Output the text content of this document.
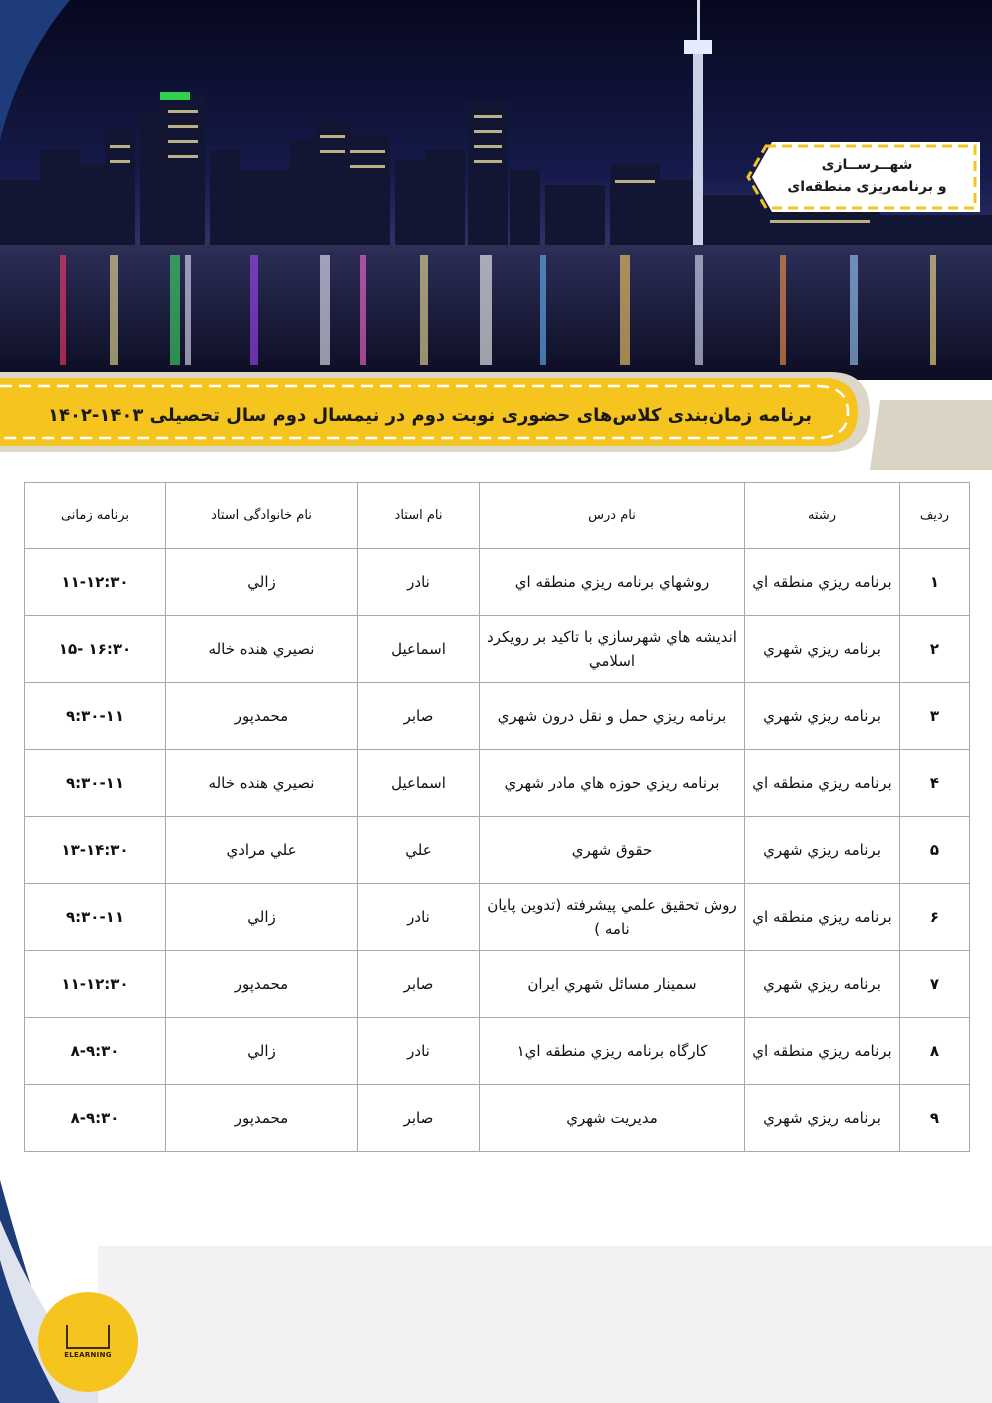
شهــرســازی
و برنامه‌ریزی منطقه‌ای
برنامه زمان‌بندی کلاس‌های حضوری نوبت دوم در نیمسال دوم سال تحصیلی ۱۴۰۳-۱۴۰۲
ردیف	رشته	نام درس	نام استاد	نام خانوادگی استاد	برنامه زمانی
۱	برنامه ريزي منطقه اي	روشهاي برنامه ريزي منطقه اي	نادر	زالي	۱۱-۱۲:۳۰
۲	برنامه ريزي شهري	انديشه هاي شهرسازي با تاكيد بر رويكرد اسلامي	اسماعيل	نصيري هنده خاله	۱۵- ۱۶:۳۰
۳	برنامه ريزي شهري	برنامه ريزي حمل و نقل درون شهري	صابر	محمدپور	۹:۳۰-۱۱
۴	برنامه ريزي منطقه اي	برنامه ريزي حوزه هاي مادر شهري	اسماعيل	نصيري هنده خاله	۹:۳۰-۱۱
۵	برنامه ريزي شهري	حقوق شهري	علي	علي مرادي	۱۳-۱۴:۳۰
۶	برنامه ريزي منطقه اي	روش تحقيق علمي پيشرفته (تدوين پايان نامه )	نادر	زالي	۹:۳۰-۱۱
۷	برنامه ريزي شهري	سمينار مسائل شهري ايران	صابر	محمدپور	۱۱-۱۲:۳۰
۸	برنامه ريزي منطقه اي	كارگاه برنامه ريزي منطقه اي۱	نادر	زالي	۸-۹:۳۰
۹	برنامه ريزي شهري	مديريت شهري	صابر	محمدپور	۸-۹:۳۰
ELEARNING
